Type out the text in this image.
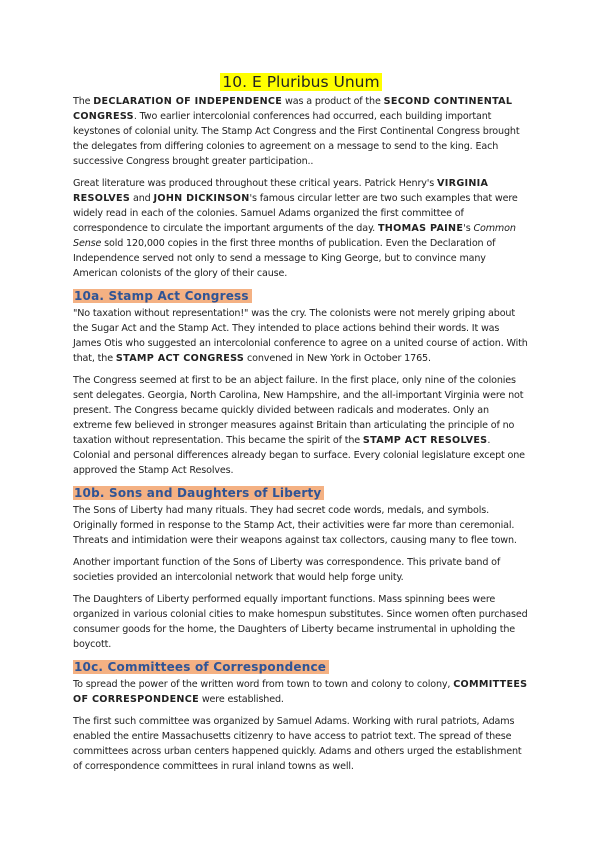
10. E Pluribus Unum

The DECLARATION OF INDEPENDENCE was a product of the SECOND CONTINENTAL CONGRESS. Two earlier intercolonial conferences had occurred, each building important keystones of colonial unity. The Stamp Act Congress and the First Continental Congress brought the delegates from differing colonies to agreement on a message to send to the king. Each successive Congress brought greater participation..

Great literature was produced throughout these critical years. Patrick Henry's VIRGINIA RESOLVES and JOHN DICKINSON's famous circular letter are two such examples that were widely read in each of the colonies. Samuel Adams organized the first committee of correspondence to circulate the important arguments of the day. THOMAS PAINE's Common Sense sold 120,000 copies in the first three months of publication. Even the Declaration of Independence served not only to send a message to King George, but to convince many American colonists of the glory of their cause.

10a. Stamp Act Congress

"No taxation without representation!" was the cry. The colonists were not merely griping about the Sugar Act and the Stamp Act. They intended to place actions behind their words. It was James Otis who suggested an intercolonial conference to agree on a united course of action. With that, the STAMP ACT CONGRESS convened in New York in October 1765.

The Congress seemed at first to be an abject failure. In the first place, only nine of the colonies sent delegates. Georgia, North Carolina, New Hampshire, and the all-important Virginia were not present. The Congress became quickly divided between radicals and moderates. Only an extreme few believed in stronger measures against Britain than articulating the principle of no taxation without representation. This became the spirit of the STAMP ACT RESOLVES. Colonial and personal differences already began to surface. Every colonial legislature except one approved the Stamp Act Resolves.

10b. Sons and Daughters of Liberty

The Sons of Liberty had many rituals. They had secret code words, medals, and symbols. Originally formed in response to the Stamp Act, their activities were far more than ceremonial. Threats and intimidation were their weapons against tax collectors, causing many to flee town.

Another important function of the Sons of Liberty was correspondence. This private band of societies provided an intercolonial network that would help forge unity.

The Daughters of Liberty performed equally important functions. Mass spinning bees were organized in various colonial cities to make homespun substitutes. Since women often purchased consumer goods for the home, the Daughters of Liberty became instrumental in upholding the boycott.

10c. Committees of Correspondence

To spread the power of the written word from town to town and colony to colony, COMMITTEES OF CORRESPONDENCE were established.

The first such committee was organized by Samuel Adams. Working with rural patriots, Adams enabled the entire Massachusetts citizenry to have access to patriot text. The spread of these committees across urban centers happened quickly. Adams and others urged the establishment of correspondence committees in rural inland towns as well.
